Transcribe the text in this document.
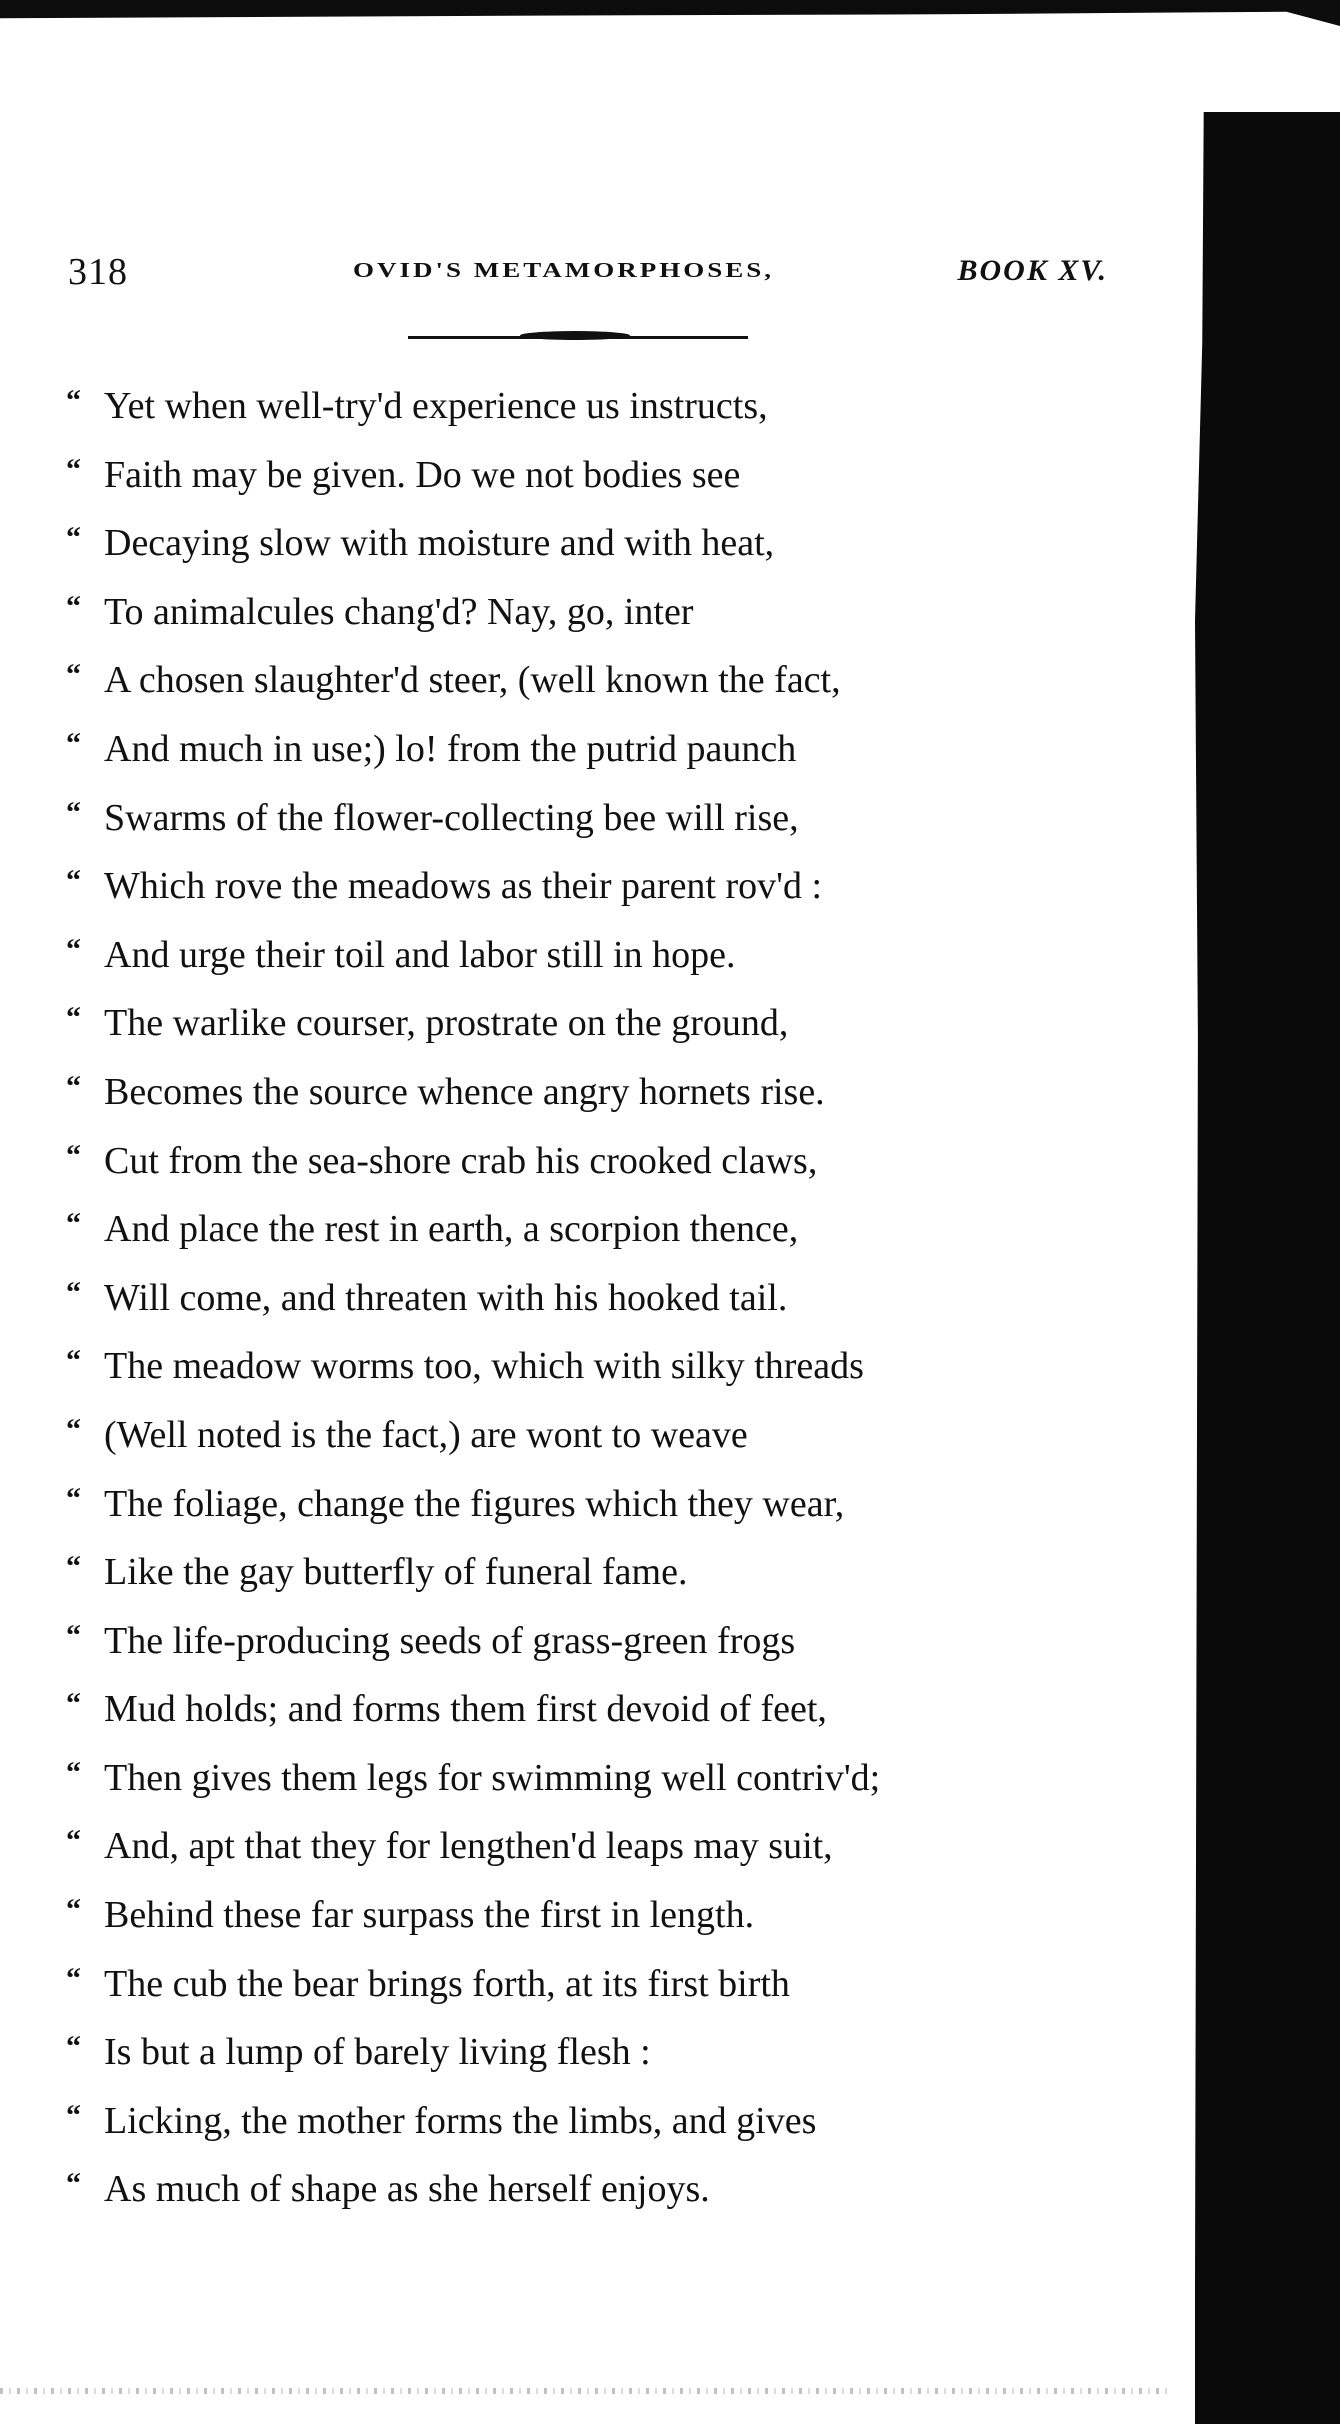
318	OVID'S METAMORPHOSES,	BOOK XV.
“ Yet when well-try'd experience us instructs,
“ Faith may be given. Do we not bodies see
“ Decaying slow with moisture and with heat,
“ To animalcules chang'd? Nay, go, inter
“ A chosen slaughter'd steer, (well known the fact,
“ And much in use;) lo! from the putrid paunch
“ Swarms of the flower-collecting bee will rise,
“ Which rove the meadows as their parent rov'd :
“ And urge their toil and labor still in hope.
“ The warlike courser, prostrate on the ground,
“ Becomes the source whence angry hornets rise.
“ Cut from the sea-shore crab his crooked claws,
“ And place the rest in earth, a scorpion thence,
“ Will come, and threaten with his hooked tail.
“ The meadow worms too, which with silky threads
“ (Well noted is the fact,) are wont to weave
“ The foliage, change the figures which they wear,
“ Like the gay butterfly of funeral fame.
“ The life-producing seeds of grass-green frogs
“ Mud holds; and forms them first devoid of feet,
“ Then gives them legs for swimming well contriv'd;
“ And, apt that they for lengthen'd leaps may suit,
“ Behind these far surpass the first in length.
“ The cub the bear brings forth, at its first birth
“ Is but a lump of barely living flesh :
“ Licking, the mother forms the limbs, and gives
“ As much of shape as she herself enjoys.
